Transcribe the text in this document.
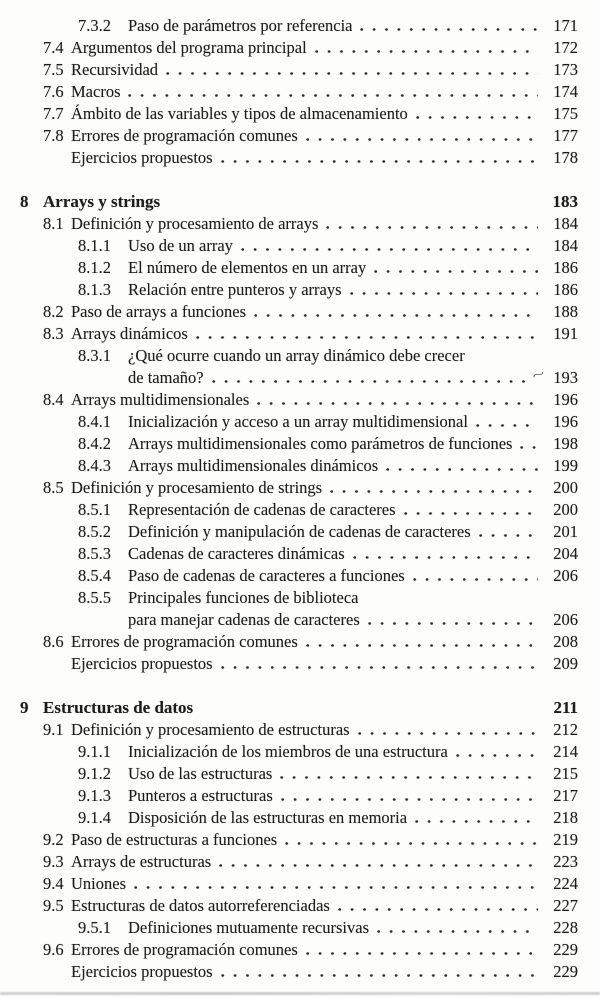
7.3.2	Paso de parámetros por referencia	171
7.4 Argumentos del programa principal	172
7.5 Recursividad	173
7.6 Macros	174
7.7 Ámbito de las variables y tipos de almacenamiento	175
7.8 Errores de programación comunes	177
Ejercicios propuestos	178
8 Arrays y strings	183
8.1 Definición y procesamiento de arrays	184
8.1.1	Uso de un array	184
8.1.2	El número de elementos en un array	186
8.1.3	Relación entre punteros y arrays	186
8.2 Paso de arrays a funciones	188
8.3 Arrays dinámicos	191
8.3.1	¿Qué ocurre cuando un array dinámico debe crecer
de tamaño?	~ 193
8.4 Arrays multidimensionales	196
8.4.1	Inicialización y acceso a un array multidimensional	196
8.4.2	Arrays multidimensionales como parámetros de funciones	198
8.4.3	Arrays multidimensionales dinámicos	199
8.5 Definición y procesamiento de strings	200
8.5.1	Representación de cadenas de caracteres	200
8.5.2	Definición y manipulación de cadenas de caracteres	201
8.5.3	Cadenas de caracteres dinámicas	204
8.5.4	Paso de cadenas de caracteres a funciones	206
8.5.5	Principales funciones de biblioteca
para manejar cadenas de caracteres	206
8.6 Errores de programación comunes	208
Ejercicios propuestos	209
9 Estructuras de datos	211
9.1 Definición y procesamiento de estructuras	212
9.1.1	Inicialización de los miembros de una estructura	214
9.1.2	Uso de las estructuras	215
9.1.3	Punteros a estructuras	217
9.1.4	Disposición de las estructuras en memoria	218
9.2 Paso de estructuras a funciones	219
9.3 Arrays de estructuras	223
9.4 Uniones	224
9.5 Estructuras de datos autorreferenciadas	227
9.5.1	Definiciones mutuamente recursivas	228
9.6 Errores de programación comunes	229
Ejercicios propuestos	229
